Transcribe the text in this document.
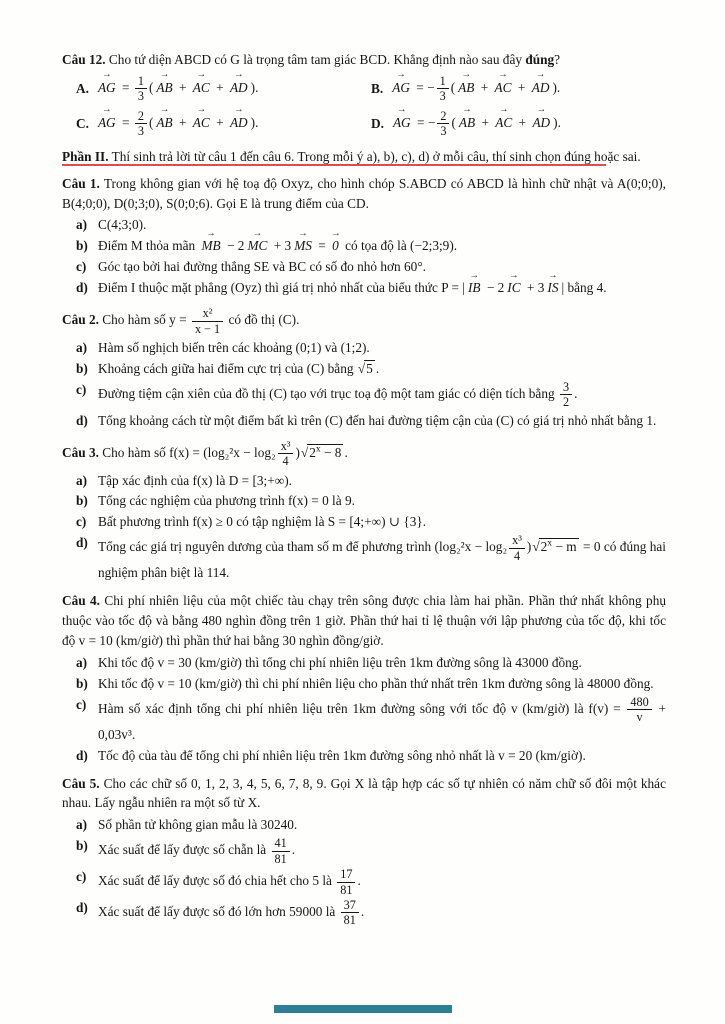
Câu 12. Cho tứ diện ABCD có G là trọng tâm tam giác BCD. Khẳng định nào sau đây đúng?

A.
→
AG = $\frac{1}{3}$ (
→
AB +
→
AC +
→
AD ).	B.
→
AG = − $\frac{1}{3}$ (
→
AB +
→
AC +
→
AD ).
C.
→
AG = $\frac{2}{3}$ (
→
AB +
→
AC +
→
AD ).	D.
→
AG = − $\frac{2}{3}$ (
→
AB +
→
AC +
→
AD ).

Phần II. Thí sinh trả lời từ câu 1 đến câu 6. Trong mỗi ý a), b), c), d) ở mỗi câu, thí sinh chọn đúng hoặc sai.

Câu 1. Trong không gian với hệ toạ độ Oxyz, cho hình chóp S.ABCD có ABCD là hình chữ nhật và A(0;0;0), B(4;0;0), D(0;3;0), S(0;0;6). Gọi E là trung điểm của CD.

a) C(4;3;0).
b) Điểm M thỏa mãn
→
MB − 2
→
MC + 3
→
MS =
→
0 có tọa độ là (−2;3;9).
c) Góc tạo bởi hai đường thẳng SE và BC có số đo nhỏ hơn 60°.
d) Điểm I thuộc mặt phẳng (Oyz) thì giá trị nhỏ nhất của biểu thức P = |
→
IB − 2
→
IC + 3
→
IS | bằng 4.

Câu 2. Cho hàm số $y = \frac{\text{x²}}{x - 1}$ có đồ thị (C).

a) Hàm số nghịch biến trên các khoảng (0;1) và (1;2).
b) Khoảng cách giữa hai điểm cực trị của (C) bằng √ 5 .
c) Đường tiệm cận xiên của đồ thị (C) tạo với trục toạ độ một tam giác có diện tích bằng $\frac{3}{2}$ .
d) Tổng khoảng cách từ một điểm bất kì trên (C) đến hai đường tiệm cận của (C) có giá trị nhỏ nhất bằng 1.

Câu 3. Cho hàm số $f(x) = (\log_2^2x - \log_2 \frac{\text{x³}}{4}$ )√ $2^x - 8$ .

a) Tập xác định của f(x) là D = [3;+∞).
b) Tổng các nghiệm của phương trình f(x) = 0 là 9.
c) Bất phương trình f(x) ≥ 0 có tập nghiệm là S = [4;+∞) ∪ {3}.
d) Tổng các giá trị nguyên dương của tham số m để phương trình ($\log_2^2x - \log_2 \frac{\text{x³}}{4}$ )√ $2^x - m = 0$ có đúng hai nghiệm phân biệt là 114.

Câu 4. Chi phí nhiên liệu của một chiếc tàu chạy trên sông được chia làm hai phần. Phần thứ nhất không phụ thuộc vào tốc độ và bằng 480 nghìn đồng trên 1 giờ. Phần thứ hai tỉ lệ thuận với lập phương của tốc độ, khi tốc độ v = 10 (km/giờ) thì phần thứ hai bằng 30 nghìn đồng/giờ.

a) Khi tốc độ v = 30 (km/giờ) thì tổng chi phí nhiên liệu trên 1km đường sông là 43000 đồng.
b) Khi tốc độ v = 10 (km/giờ) thì chi phí nhiên liệu cho phần thứ nhất trên 1km đường sông là 48000 đồng.
c) Hàm số xác định tổng chi phí nhiên liệu trên 1km đường sông với tốc độ v (km/giờ) là $f(v) = \frac{480}{v} + 0,03v^3$.
d) Tốc độ của tàu để tổng chi phí nhiên liệu trên 1km đường sông nhỏ nhất là v = 20 (km/giờ).

Câu 5. Cho các chữ số 0, 1, 2, 3, 4, 5, 6, 7, 8, 9. Gọi X là tập hợp các số tự nhiên có năm chữ số đôi một khác nhau. Lấy ngẫu nhiên ra một số từ X.

a) Số phần tử không gian mẫu là 30240.
b) Xác suất để lấy được số chẵn là $\frac{41}{81}$ .
c) Xác suất để lấy được số đó chia hết cho 5 là $\frac{17}{81}$ .
d) Xác suất để lấy được số đó lớn hơn 59000 là $\frac{37}{81}$ .
